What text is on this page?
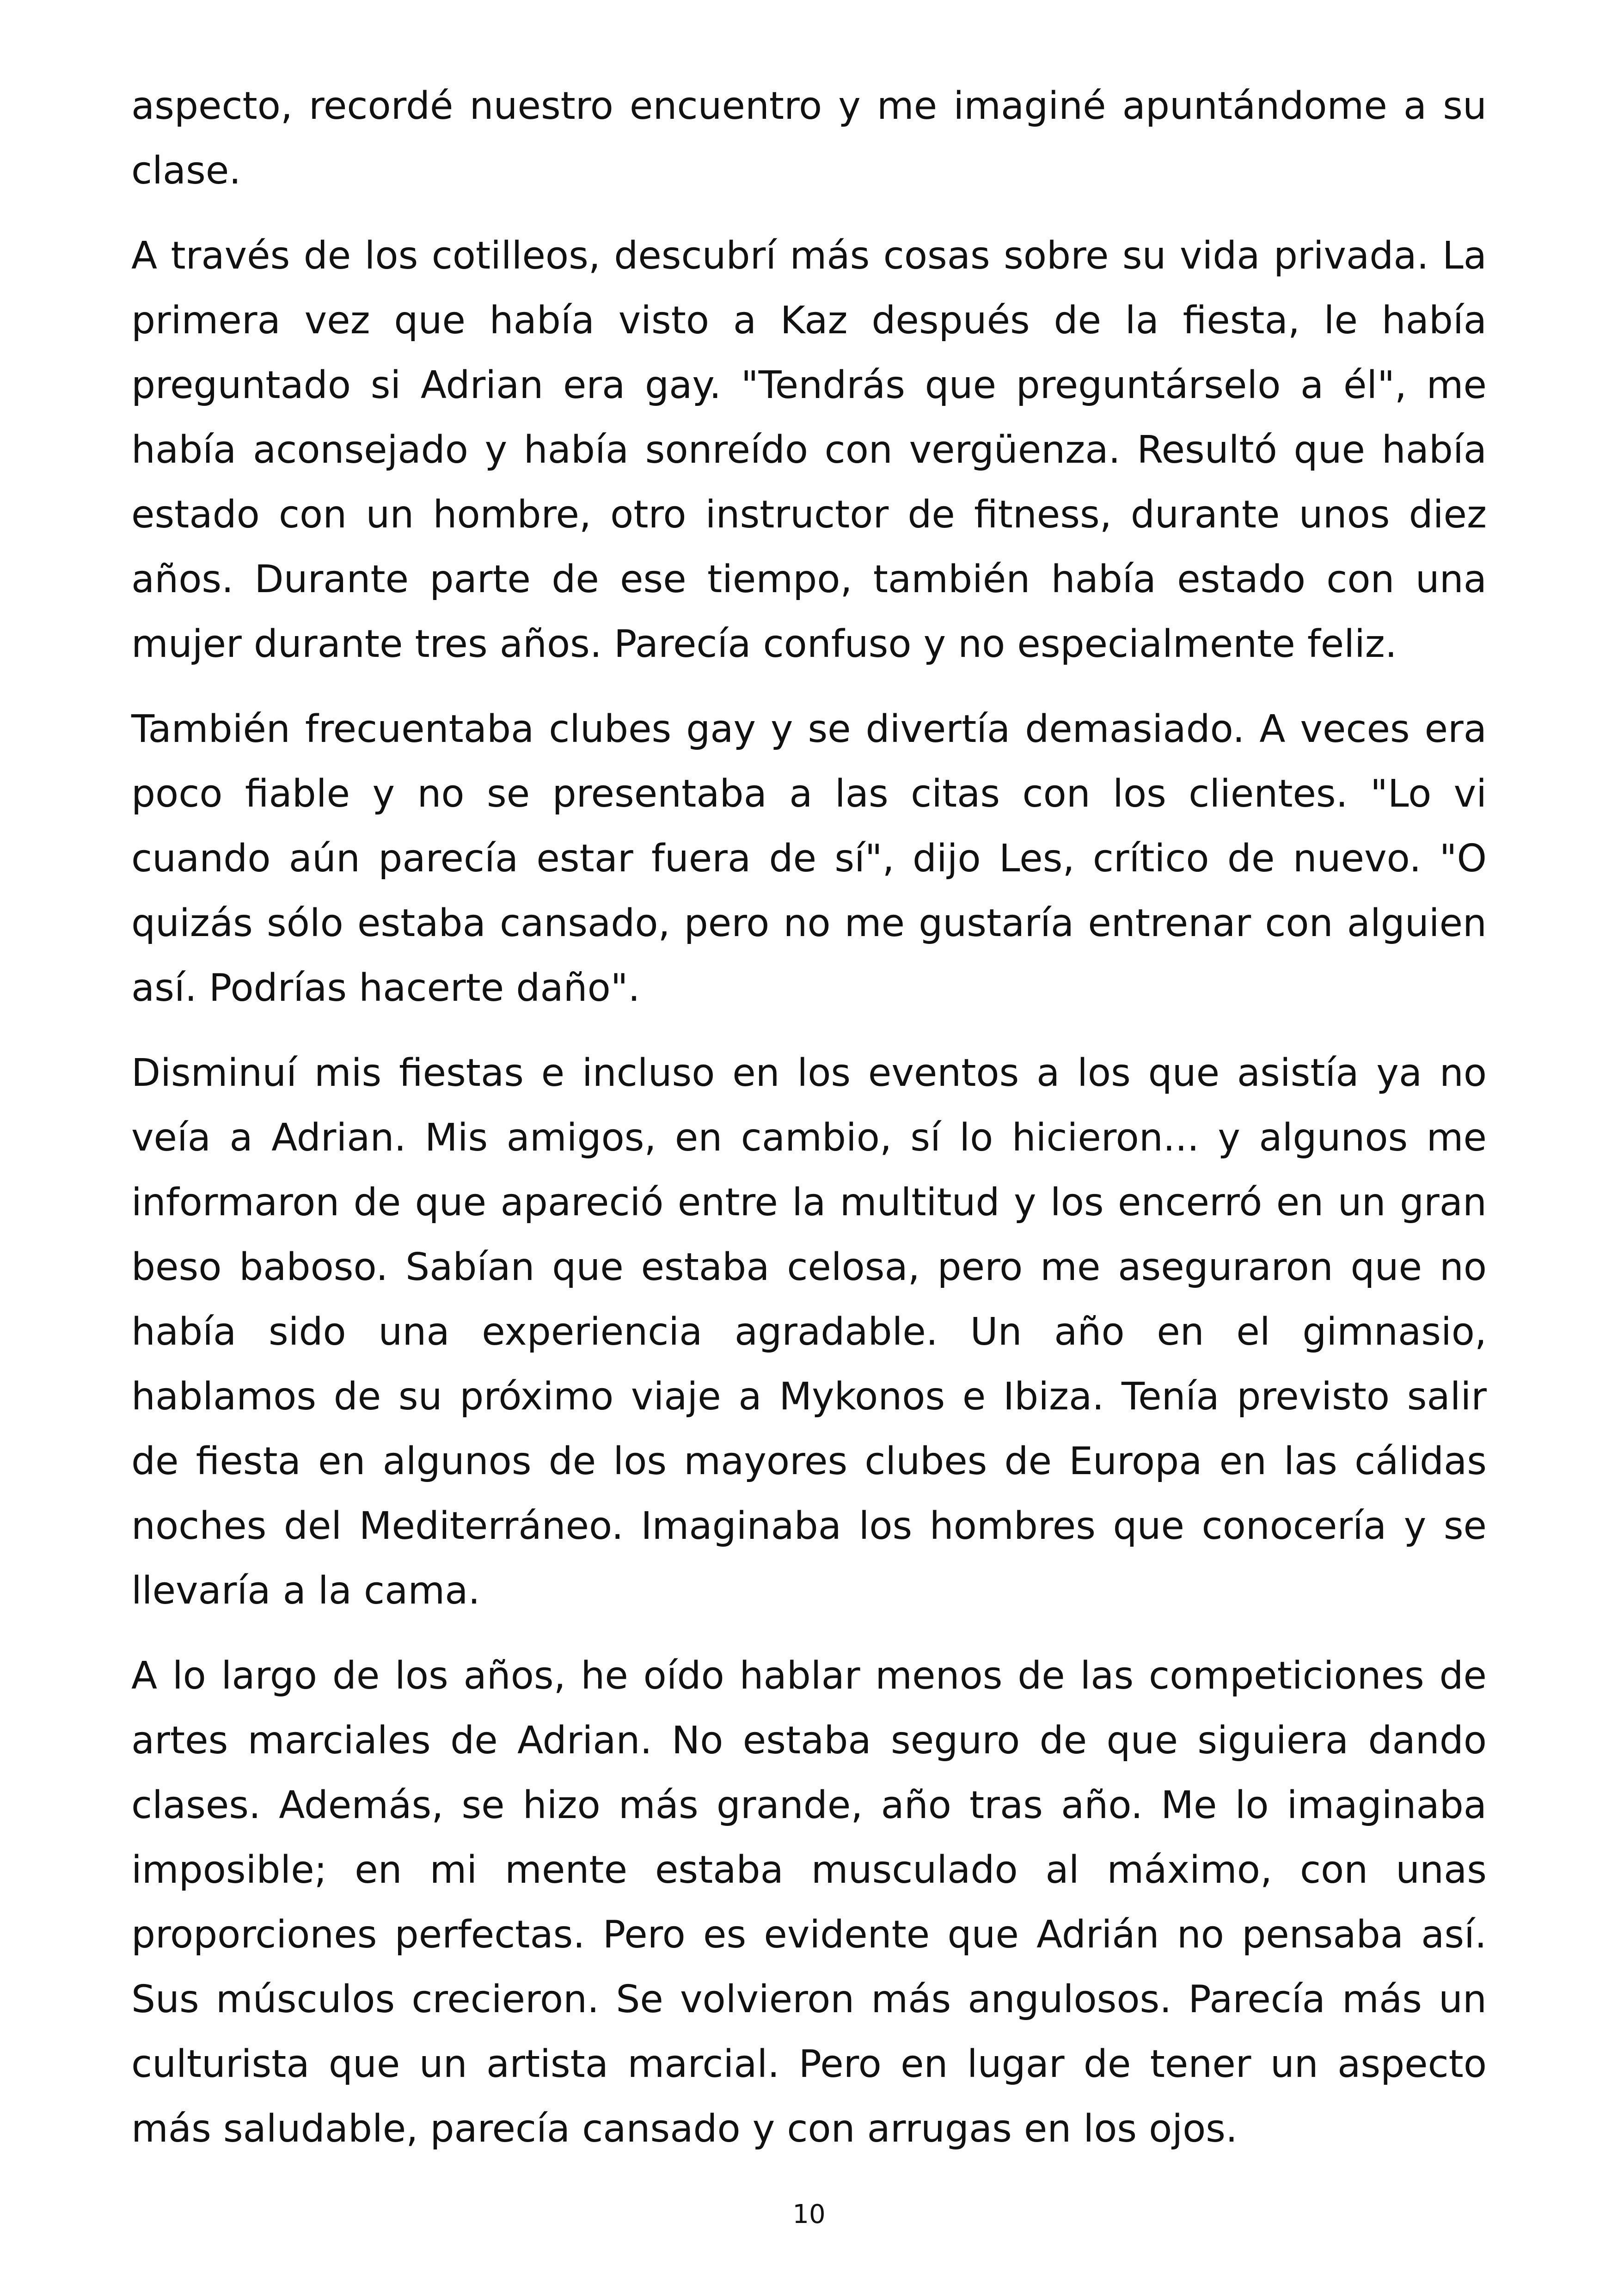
aspecto, recordé nuestro encuentro y me imaginé apuntándome a su clase.

A través de los cotilleos, descubrí más cosas sobre su vida privada. La primera vez que había visto a Kaz después de la fiesta, le había preguntado si Adrian era gay. "Tendrás que preguntárselo a él", me había aconsejado y había sonreído con vergüenza. Resultó que había estado con un hombre, otro instructor de fitness, durante unos diez años. Durante parte de ese tiempo, también había estado con una mujer durante tres años. Parecía confuso y no especialmente feliz.

También frecuentaba clubes gay y se divertía demasiado. A veces era poco fiable y no se presentaba a las citas con los clientes. "Lo vi cuando aún parecía estar fuera de sí", dijo Les, crítico de nuevo. "O quizás sólo estaba cansado, pero no me gustaría entrenar con alguien así. Podrías hacerte daño".

Disminuí mis fiestas e incluso en los eventos a los que asistía ya no veía a Adrian. Mis amigos, en cambio, sí lo hicieron... y algunos me informaron de que apareció entre la multitud y los encerró en un gran beso baboso. Sabían que estaba celosa, pero me aseguraron que no había sido una experiencia agradable. Un año en el gimnasio, hablamos de su próximo viaje a Mykonos e Ibiza. Tenía previsto salir de fiesta en algunos de los mayores clubes de Europa en las cálidas noches del Mediterráneo. Imaginaba los hombres que conocería y se llevaría a la cama.

A lo largo de los años, he oído hablar menos de las competiciones de artes marciales de Adrian. No estaba seguro de que siguiera dando clases. Además, se hizo más grande, año tras año. Me lo imaginaba imposible; en mi mente estaba musculado al máximo, con unas proporciones perfectas. Pero es evidente que Adrián no pensaba así. Sus músculos crecieron. Se volvieron más angulosos. Parecía más un culturista que un artista marcial. Pero en lugar de tener un aspecto más saludable, parecía cansado y con arrugas en los ojos.

10
